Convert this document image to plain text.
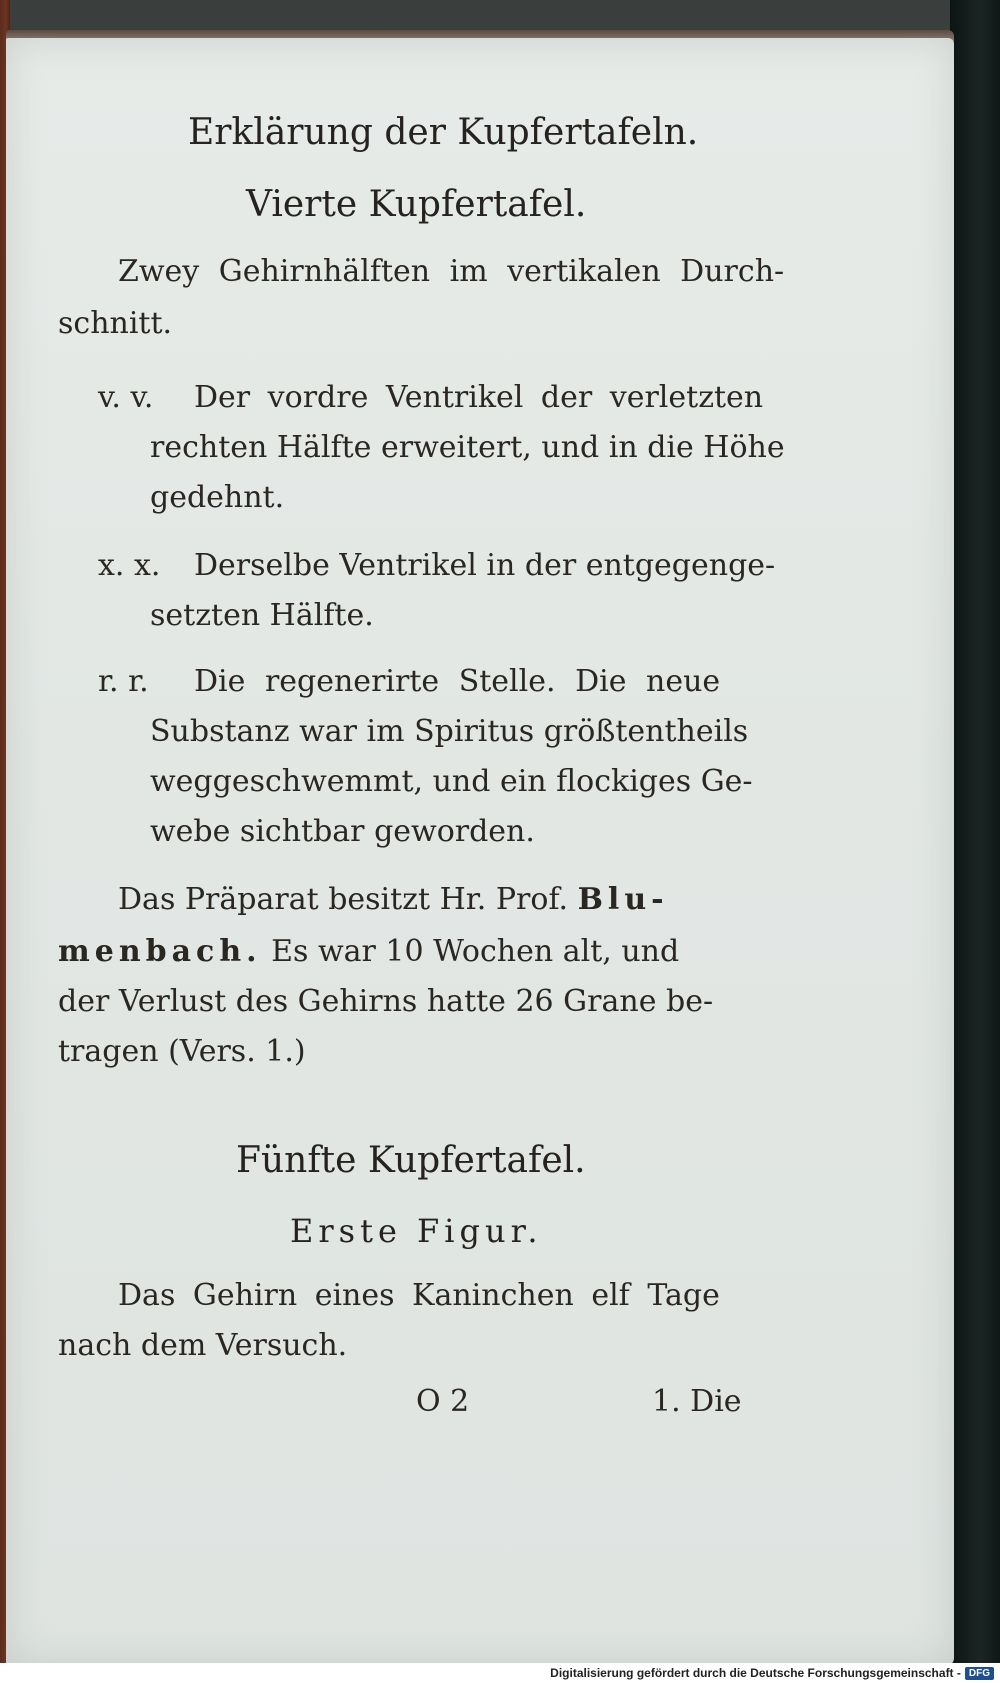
Erklärung der Kupfertafeln.
Vierte Kupfertafel.
Zwey Gehirnhälften im vertikalen Durch-
schnitt.
v. v. Der vordre Ventrikel der verletzten
rechten Hälfte erweitert, und in die Höhe
gedehnt.
x. x. Derselbe Ventrikel in der entgegenge-
setzten Hälfte.
r. r. Die regenerirte Stelle. Die neue
Substanz war im Spiritus größtentheils
weggeschwemmt, und ein flockiges Ge-
webe sichtbar geworden.
Das Präparat besitzt Hr. Prof. Blu-
menbach. Es war 10 Wochen alt, und
der Verlust des Gehirns hatte 26 Grane be-
tragen (Vers. 1.)
Fünfte Kupfertafel.
Erste Figur.
Das Gehirn eines Kaninchen elf Tage
nach dem Versuch.
O 2	1. Die
Digitalisierung gefördert durch die Deutsche Forschungsgemeinschaft - DFG
